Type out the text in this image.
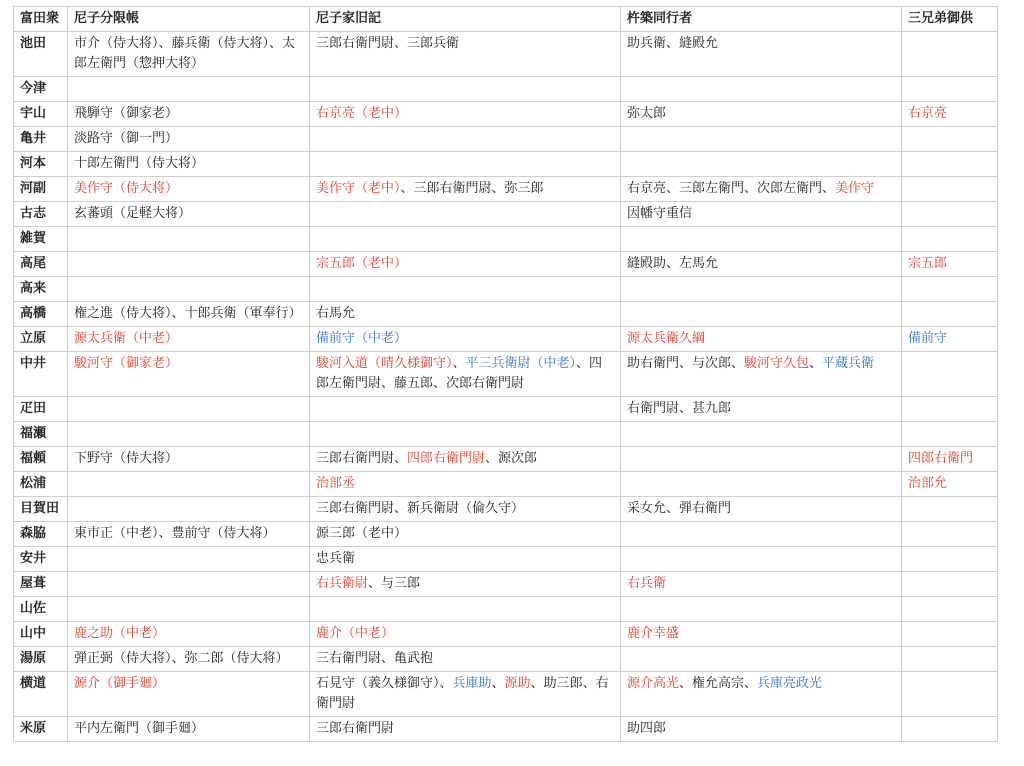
富田衆	尼子分限帳	尼子家旧記	杵築同行者	三兄弟御供
池田	市介（侍大将）、藤兵衛（侍大将）、太郎左衛門（惣押大将）	三郎右衛門尉、三郎兵衛	助兵衛、縫殿允	
今津				
宇山	飛騨守（御家老）	右京亮（老中）	弥太郎	右京亮
亀井	淡路守（御一門）			
河本	十郎左衛門（侍大将）			
河副	美作守（侍大将）	美作守（老中）、三郎右衛門尉、弥三郎	右京亮、三郎左衛門、次郎左衛門、美作守	
古志	玄蕃頭（足軽大将）		因幡守重信	
雑賀				
高尾		宗五郎（老中）	縫殿助、左馬允	宗五郎
高来				
高橋	権之進（侍大将）、十郎兵衛（軍奉行）	右馬允		
立原	源太兵衛（中老）	備前守（中老）	源太兵衛久綱	備前守
中井	駿河守（御家老）	駿河入道（晴久様御守）、平三兵衛尉（中老）、四郎左衛門尉、藤五郎、次郎右衛門尉	助右衛門、与次郎、駿河守久包、平蔵兵衛	
疋田			右衛門尉、甚九郎	
福瀬				
福頼	下野守（侍大将）	三郎右衛門尉、四郎右衛門尉、源次郎		四郎右衛門
松浦		治部丞		治部允
目賀田		三郎右衛門尉、新兵衛尉（倫久守）	采女允、弾右衛門	
森脇	東市正（中老）、豊前守（侍大将）	源三郎（老中）		
安井		忠兵衛		
屋葺		右兵衛尉、与三郎	右兵衛	
山佐				
山中	鹿之助（中老）	鹿介（中老）	鹿介幸盛	
湯原	弾正弼（侍大将）、弥二郎（侍大将）	三右衛門尉、亀武抱		
横道	源介（御手廻）	石見守（義久様御守）、兵庫助、源助、助三郎、右衛門尉	源介高光、権允高宗、兵庫亮政光	
米原	平内左衛門（御手廻）	三郎右衛門尉	助四郎	
